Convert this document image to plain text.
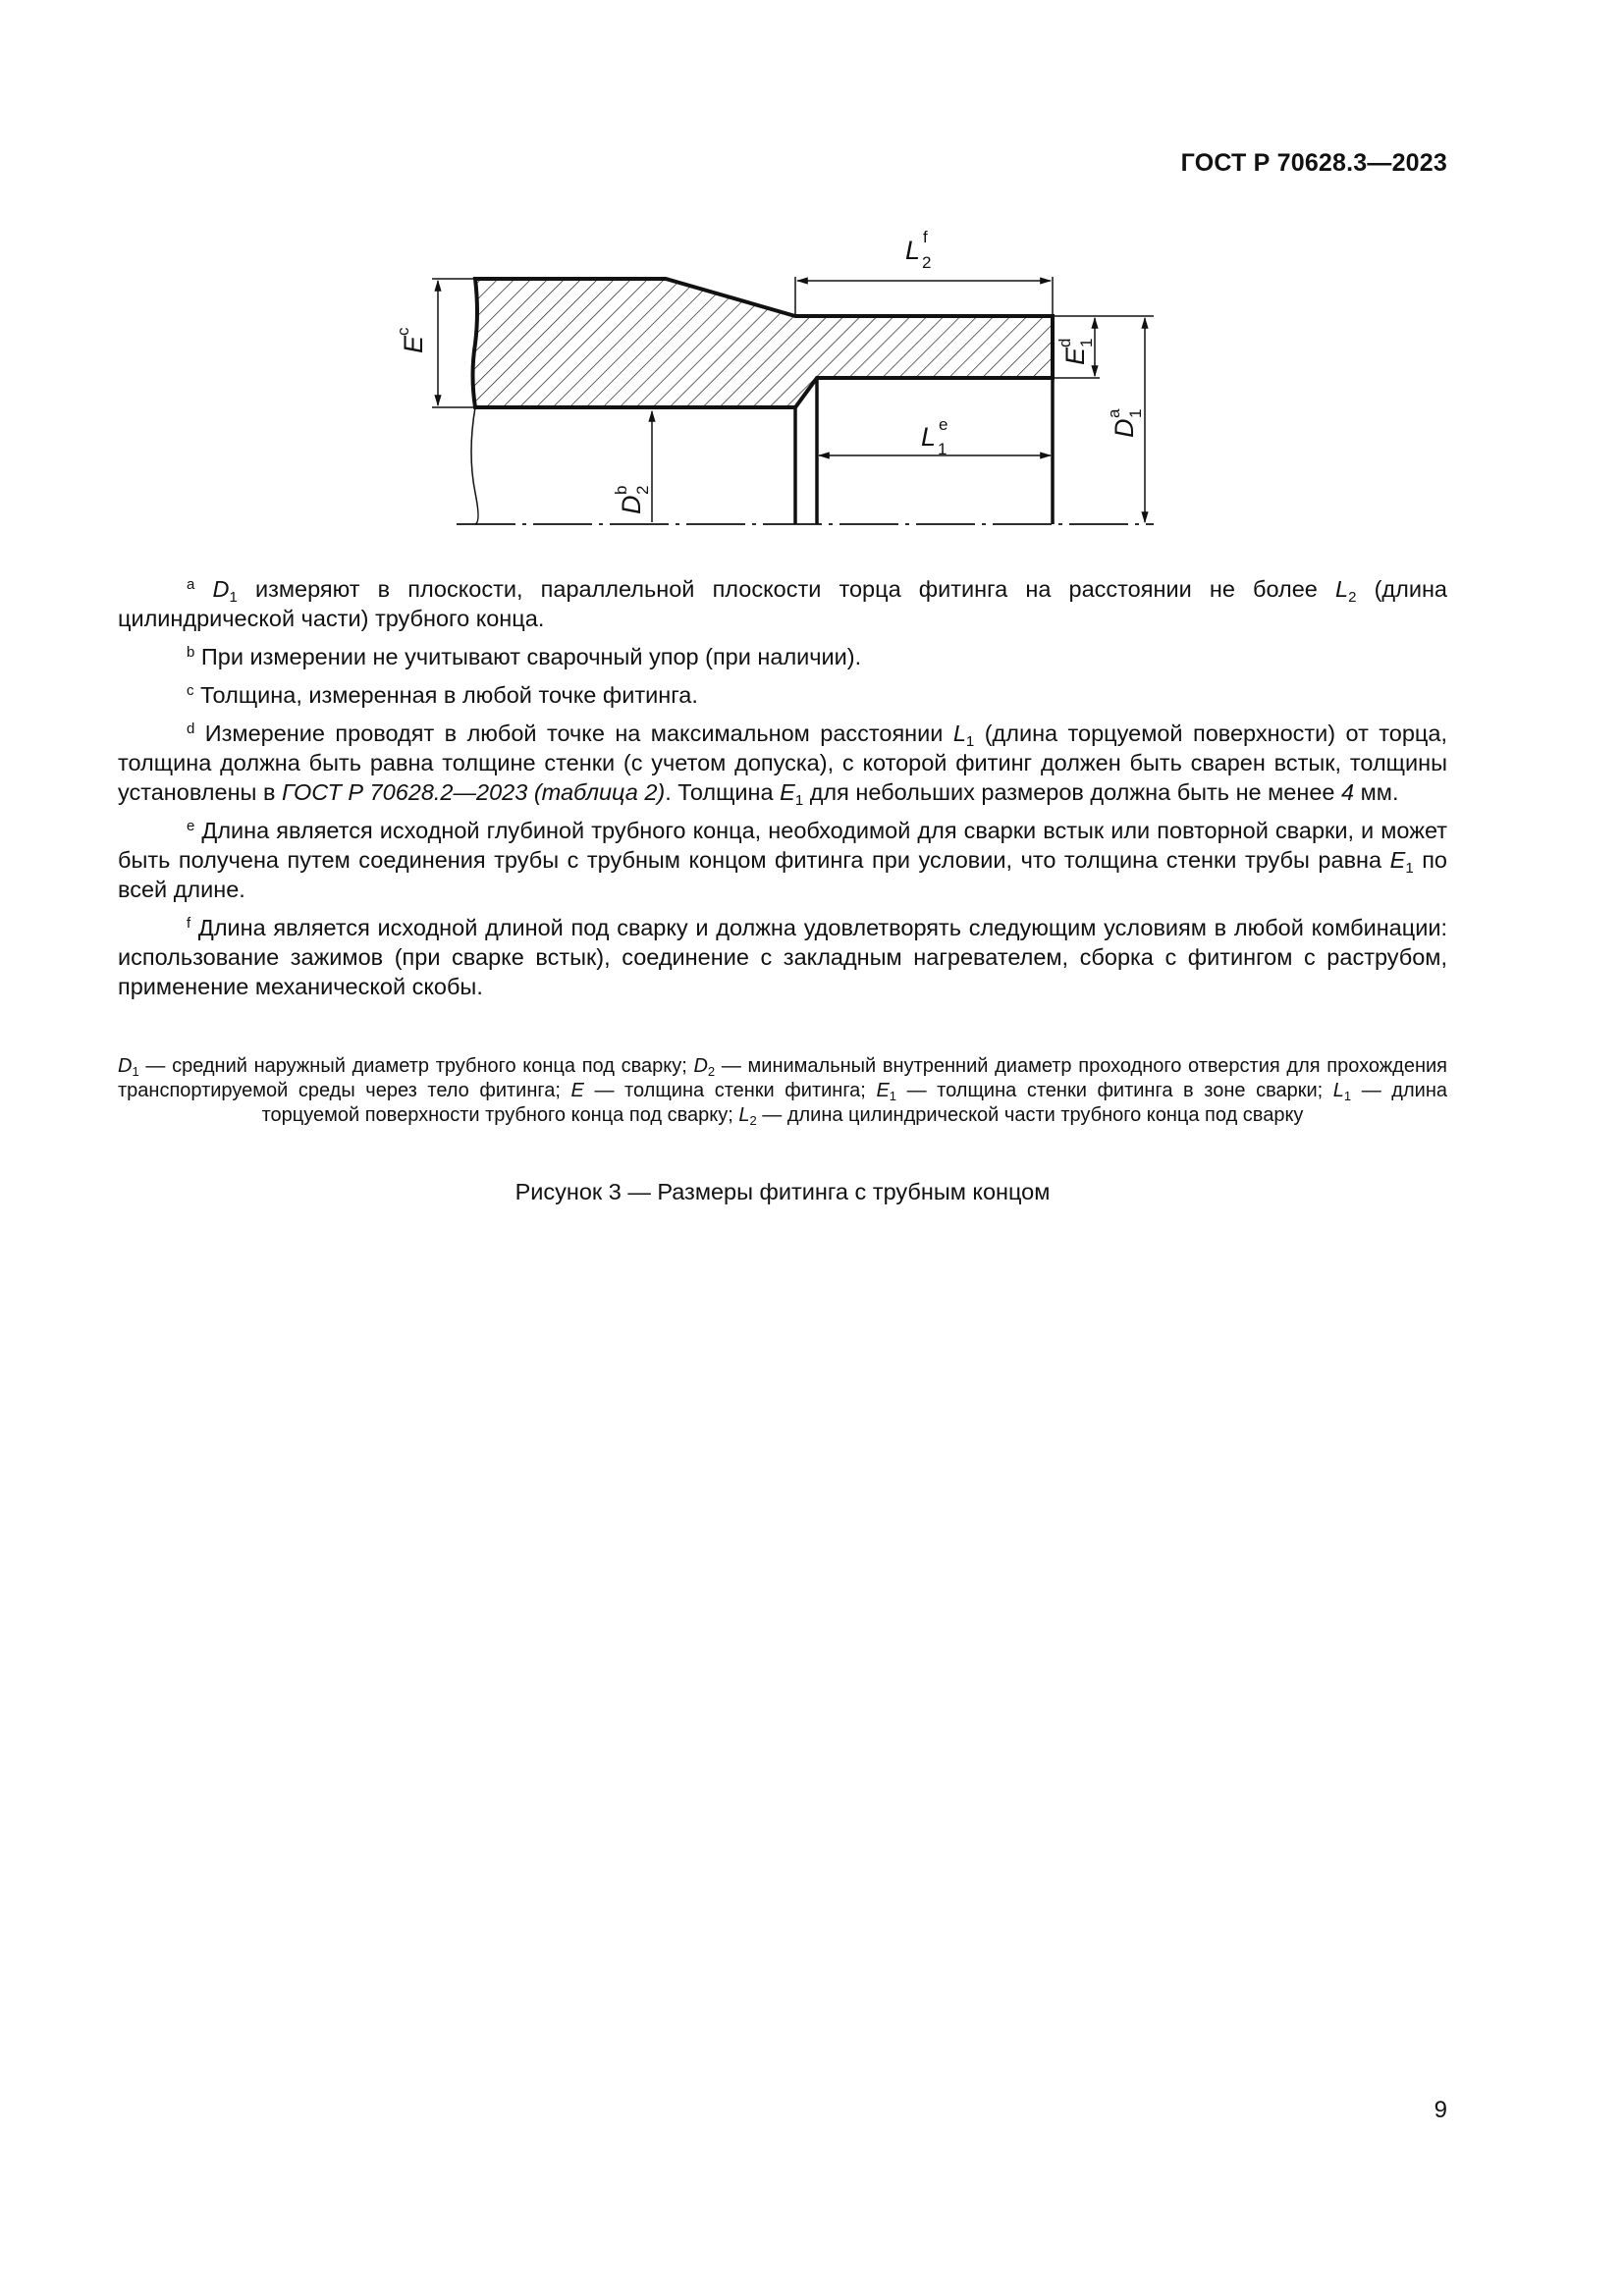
ГОСТ Р 70628.3—2023
L 2
f
E
c
E
1
d
D
1
a
L 1
e
D
2
b

$^a$ $D_1$ измеряют в плоскости, параллельной плоскости торца фитинга на расстоянии не более $L_2$ (длина цилиндрической части) трубного конца.

$^b$ При измерении не учитывают сварочный упор (при наличии).

$^c$ Толщина, измеренная в любой точке фитинга.

$^d$ Измерение проводят в любой точке на максимальном расстоянии $L_1$ (длина торцуемой поверхности) от торца, толщина должна быть равна толщине стенки (с учетом допуска), с которой фитинг должен быть сварен встык, толщины установлены в ГОСТ Р 70628.2—2023 (таблица 2). Толщина $E_1$ для небольших размеров должна быть не менее 4 мм.

$^e$ Длина является исходной глубиной трубного конца, необходимой для сварки встык или повторной сварки, и может быть получена путем соединения трубы с трубным концом фитинга при условии, что толщина стенки трубы равна $E_1$ по всей длине.

$^f$ Длина является исходной длиной под сварку и должна удовлетворять следующим условиям в любой комбинации: использование зажимов (при сварке встык), соединение с закладным нагревателем, сборка с фитингом с раструбом, применение механической скобы.

$D_1$ — средний наружный диаметр трубного конца под сварку; $D_2$ — минимальный внутренний диаметр проходного отверстия для прохождения транспортируемой среды через тело фитинга; E — толщина стенки фитинга; $E_1$ — толщина стенки фитинга в зоне сварки; $L_1$ — длина торцуемой поверхности трубного конца под сварку; $L_2$ — длина цилиндрической части трубного конца под сварку
Рисунок 3 — Размеры фитинга с трубным концом
9
